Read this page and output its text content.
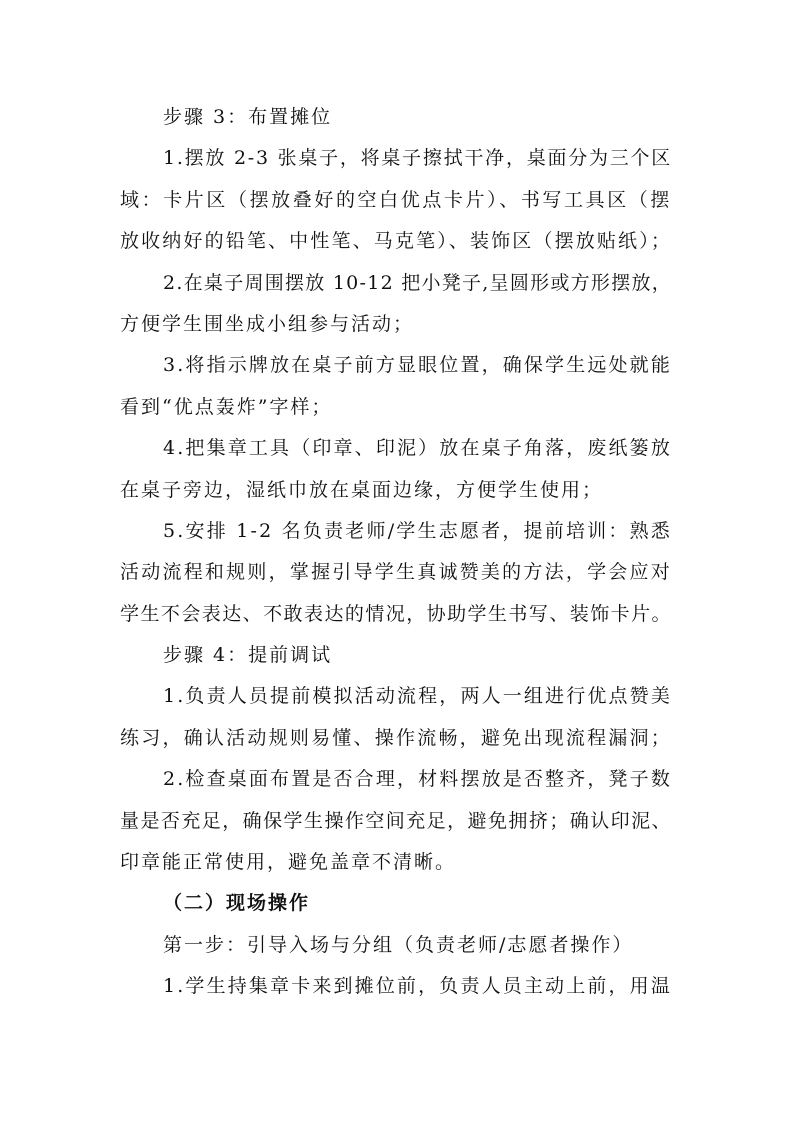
步骤 3：布置摊位
1.摆放 2-3 张桌子，将桌子擦拭干净，桌面分为三个区
域：卡片区（摆放叠好的空白优点卡片）、书写工具区（摆
放收纳好的铅笔、中性笔、马克笔）、装饰区（摆放贴纸）；
2.在桌子周围摆放 10-12 把小凳子,呈圆形或方形摆放，
方便学生围坐成小组参与活动；
3.将指示牌放在桌子前方显眼位置，确保学生远处就能
看到“优点轰炸”字样；
4.把集章工具（印章、印泥）放在桌子角落，废纸篓放
在桌子旁边，湿纸巾放在桌面边缘，方便学生使用；
5.安排 1-2 名负责老师/学生志愿者，提前培训：熟悉
活动流程和规则，掌握引导学生真诚赞美的方法，学会应对
学生不会表达、不敢表达的情况，协助学生书写、装饰卡片。
步骤 4：提前调试
1.负责人员提前模拟活动流程，两人一组进行优点赞美
练习，确认活动规则易懂、操作流畅，避免出现流程漏洞；
2.检查桌面布置是否合理，材料摆放是否整齐，凳子数
量是否充足，确保学生操作空间充足，避免拥挤；确认印泥、
印章能正常使用，避免盖章不清晰。
（二）现场操作
第一步：引导入场与分组（负责老师/志愿者操作）
1.学生持集章卡来到摊位前，负责人员主动上前，用温
